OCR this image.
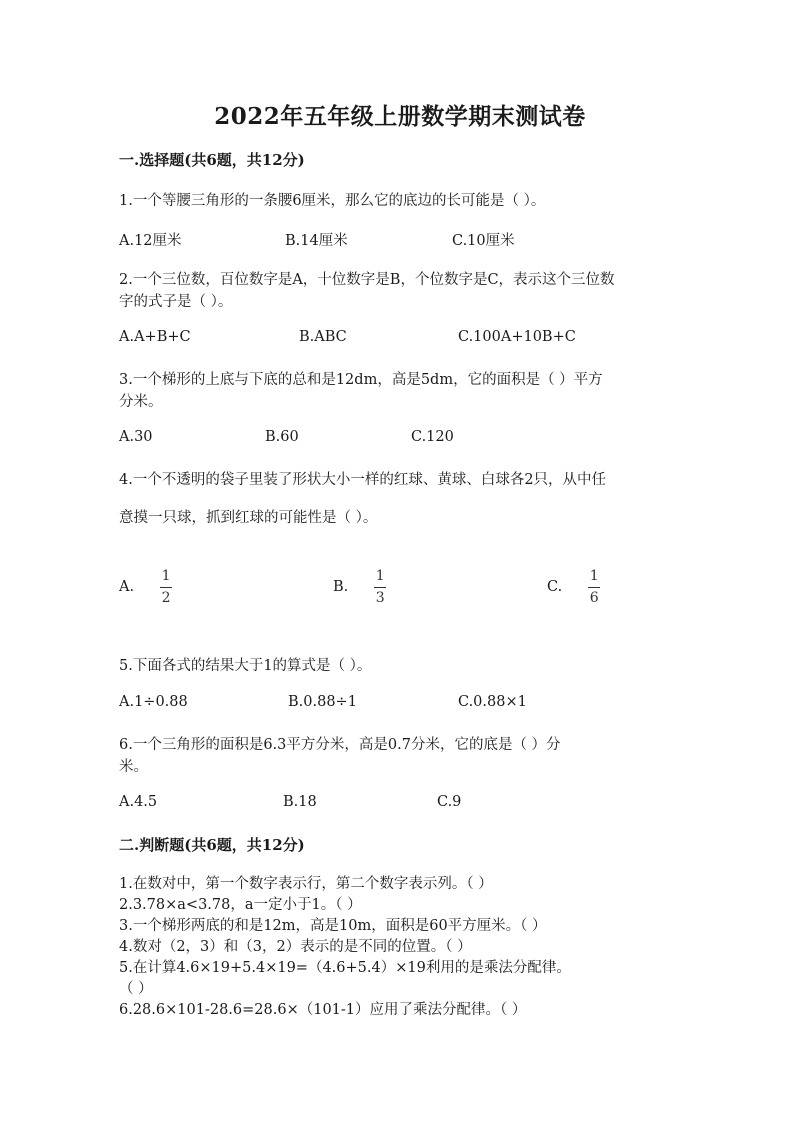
2022年五年级上册数学期末测试卷
一.选择题(共6题，共12分)
1.一个等腰三角形的一条腰6厘米，那么它的底边的长可能是（ ）。
A.12厘米	B.14厘米	C.10厘米
2.一个三位数，百位数字是A，十位数字是B，个位数字是C，表示这个三位数
字的式子是（ ）。
A.A+B+C	B.ABC	C.100A+10B+C
3.一个梯形的上底与下底的总和是12dm，高是5dm，它的面积是（ ）平方
分米。
A.30	B.60	C.120
4.一个不透明的袋子里装了形状大小一样的红球、黄球、白球各2只，从中任
意摸一只球，抓到红球的可能性是（ ）。
A. $\frac{1}{2}$	B. $\frac{1}{3}$	C. $\frac{1}{6}$
5.下面各式的结果大于1的算式是（ ）。
A.1÷0.88	B.0.88÷1	C.0.88×1
6.一个三角形的面积是6.3平方分米，高是0.7分米，它的底是（ ）分
米。
A.4.5	B.18	C.9
二.判断题(共6题，共12分)
1.在数对中，第一个数字表示行，第二个数字表示列。（ ）
2.3.78×a<3.78，a一定小于1。（ ）
3.一个梯形两底的和是12m，高是10m，面积是60平方厘米。（ ）
4.数对（2，3）和（3，2）表示的是不同的位置。（ ）
5.在计算4.6×19+5.4×19=（4.6+5.4）×19利用的是乘法分配律。
（ ）
6.28.6×101-28.6=28.6×（101-1）应用了乘法分配律。（ ）
